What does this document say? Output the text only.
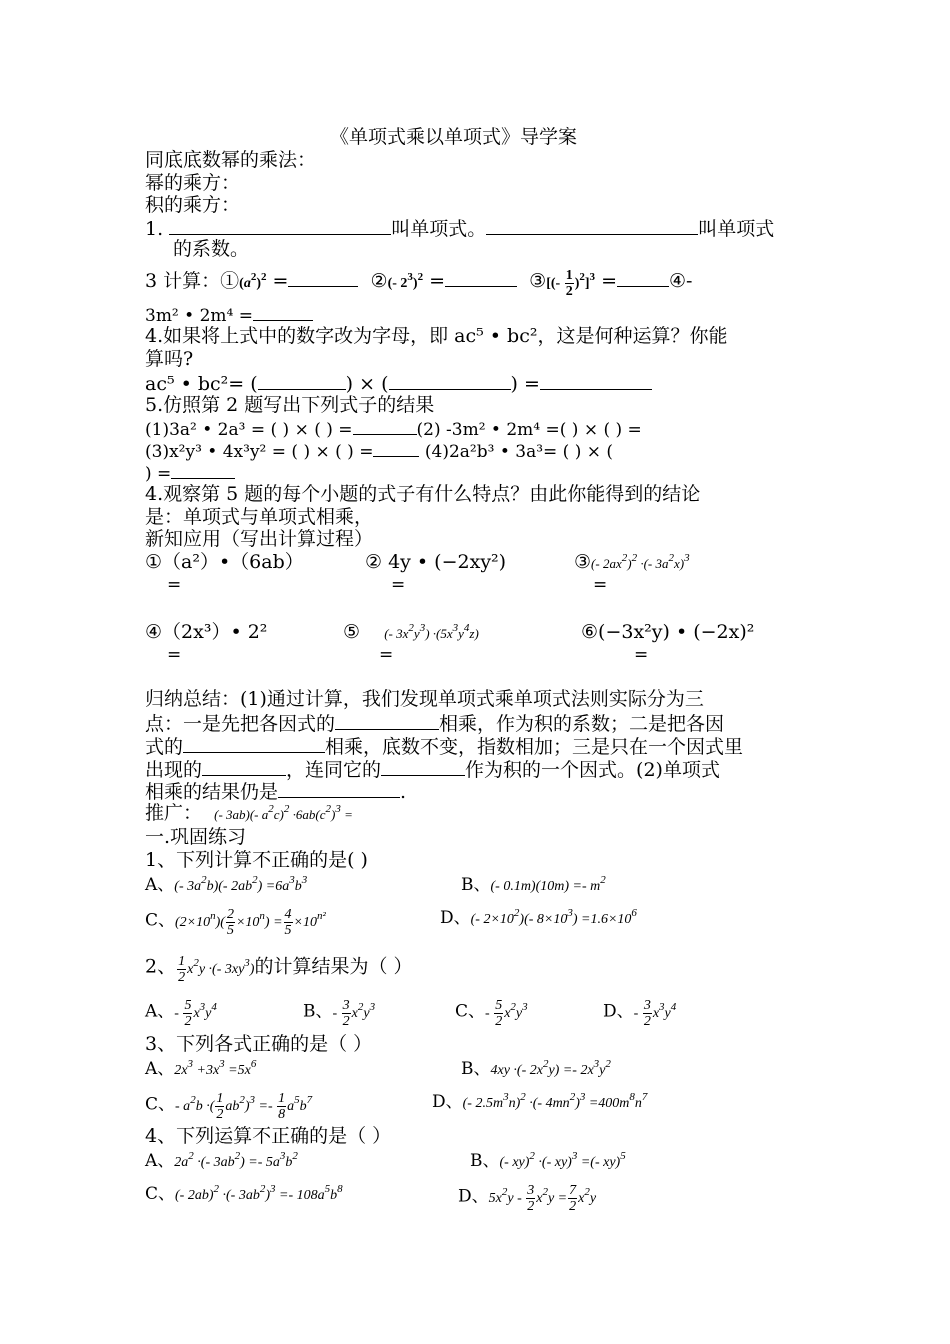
《单项式乘以单项式》导学案
同底底数幂的乘法：
幂的乘方：
积的乘方：
1.	叫单项式。	叫单项式
的系数。
3 计算：$①(a^2)^2$ =	②(- $2^3)^2$ =	③[(- $\frac{1}{2} )^2]^3$ =	④-
3m² • 2m⁴ =
4.如果将上式中的数字改为字母，即 ac⁵ • bc²，这是何种运算？你能
算吗?
ac⁵ • bc²= (	) × (	) =
5.仿照第 2 题写出下列式子的结果
(1)3a² • 2a³ = ( ) × ( ) =	(2) -3m² • 2m⁴ =( ) × ( ) =
(3)x²y³ • 4x³y² = ( ) × ( ) =	(4)2a²b³ • 3a³= ( ) × (
) =
4.观察第 5 题的每个小题的式子有什么特点？由此你能得到的结论
是：单项式与单项式相乘，
新知应用（写出计算过程）
①（a²）•（6ab）	② 4y • (−2xy²)	③(- $2ax^2)^2$ ·(- $3a^2x)^3$
=	=	=
④（2x³）• 2²	⑤ (- $3x^2y^3) \cdot(5x^3y^4z)$	⑥(−3x²y) • (−2x)²
=	=	=
归纳总结：(1)通过计算，我们发现单项式乘单项式法则实际分为三
点：一是先把各因式的	相乘，作为积的系数；二是把各因
式的	相乘，底数不变，指数相加；三是只在一个因式里
出现的	，连同它的	作为积的一个因式。(2)单项式
相乘的结果仍是	.
推广： (- 3ab)(- $a^2c)^2 \cdot 6ab(c^2)^3$ =
一.巩固练习
1、下列计算不正确的是( )
A、(- $3a^2b)(-$ $2ab^2) =6a^3b^3$	B、(- $0.1m)(10m) =- m^2$
C、$(2\times 10^n)( \frac{2}{5} \times 10^n) = \frac{4}{5} \times 10^{n^2}$	D、(- $2\times 10^2)(-$ $8\times 10^3) =1.6\times 10^6$
2、 $\frac{1}{2} x^2y$ ·(- $3xy^3$)的计算结果为（ ）
A、- $\frac{5}{2} x^3y^4$	B、- $\frac{3}{2} x^2y^3$	C、- $\frac{5}{2} x^2y^3$	D、- $\frac{3}{2} x^3y^4$
3、下列各式正确的是（ ）
A、$2x^3 +3x^3 =5x^6$	B、4xy ·(- $2x^2y) =- 2x^3y^2$
C、- $a^2b$ ·( $\frac{1}{2} ab^2)^3 =- \frac{1}{8} a^5b^7$	D、(- $2.5m^3n)^2$ ·(- $4mn^2)^3 =400m^8n^7$
4、下列运算不正确的是（ ）
A、$2a^2$ ·(- $3ab^2) =- 5a^3b^2$	B、(- xy)$^2$ ·(- xy)$^3$ =(- xy)$^5$
C、(- 2ab)$^2$ ·(- $3ab^2)^3 =- 108a^5b^8$	D、$5x^2y - \frac{3}{2} x^2y = \frac{7}{2} x^2y$
